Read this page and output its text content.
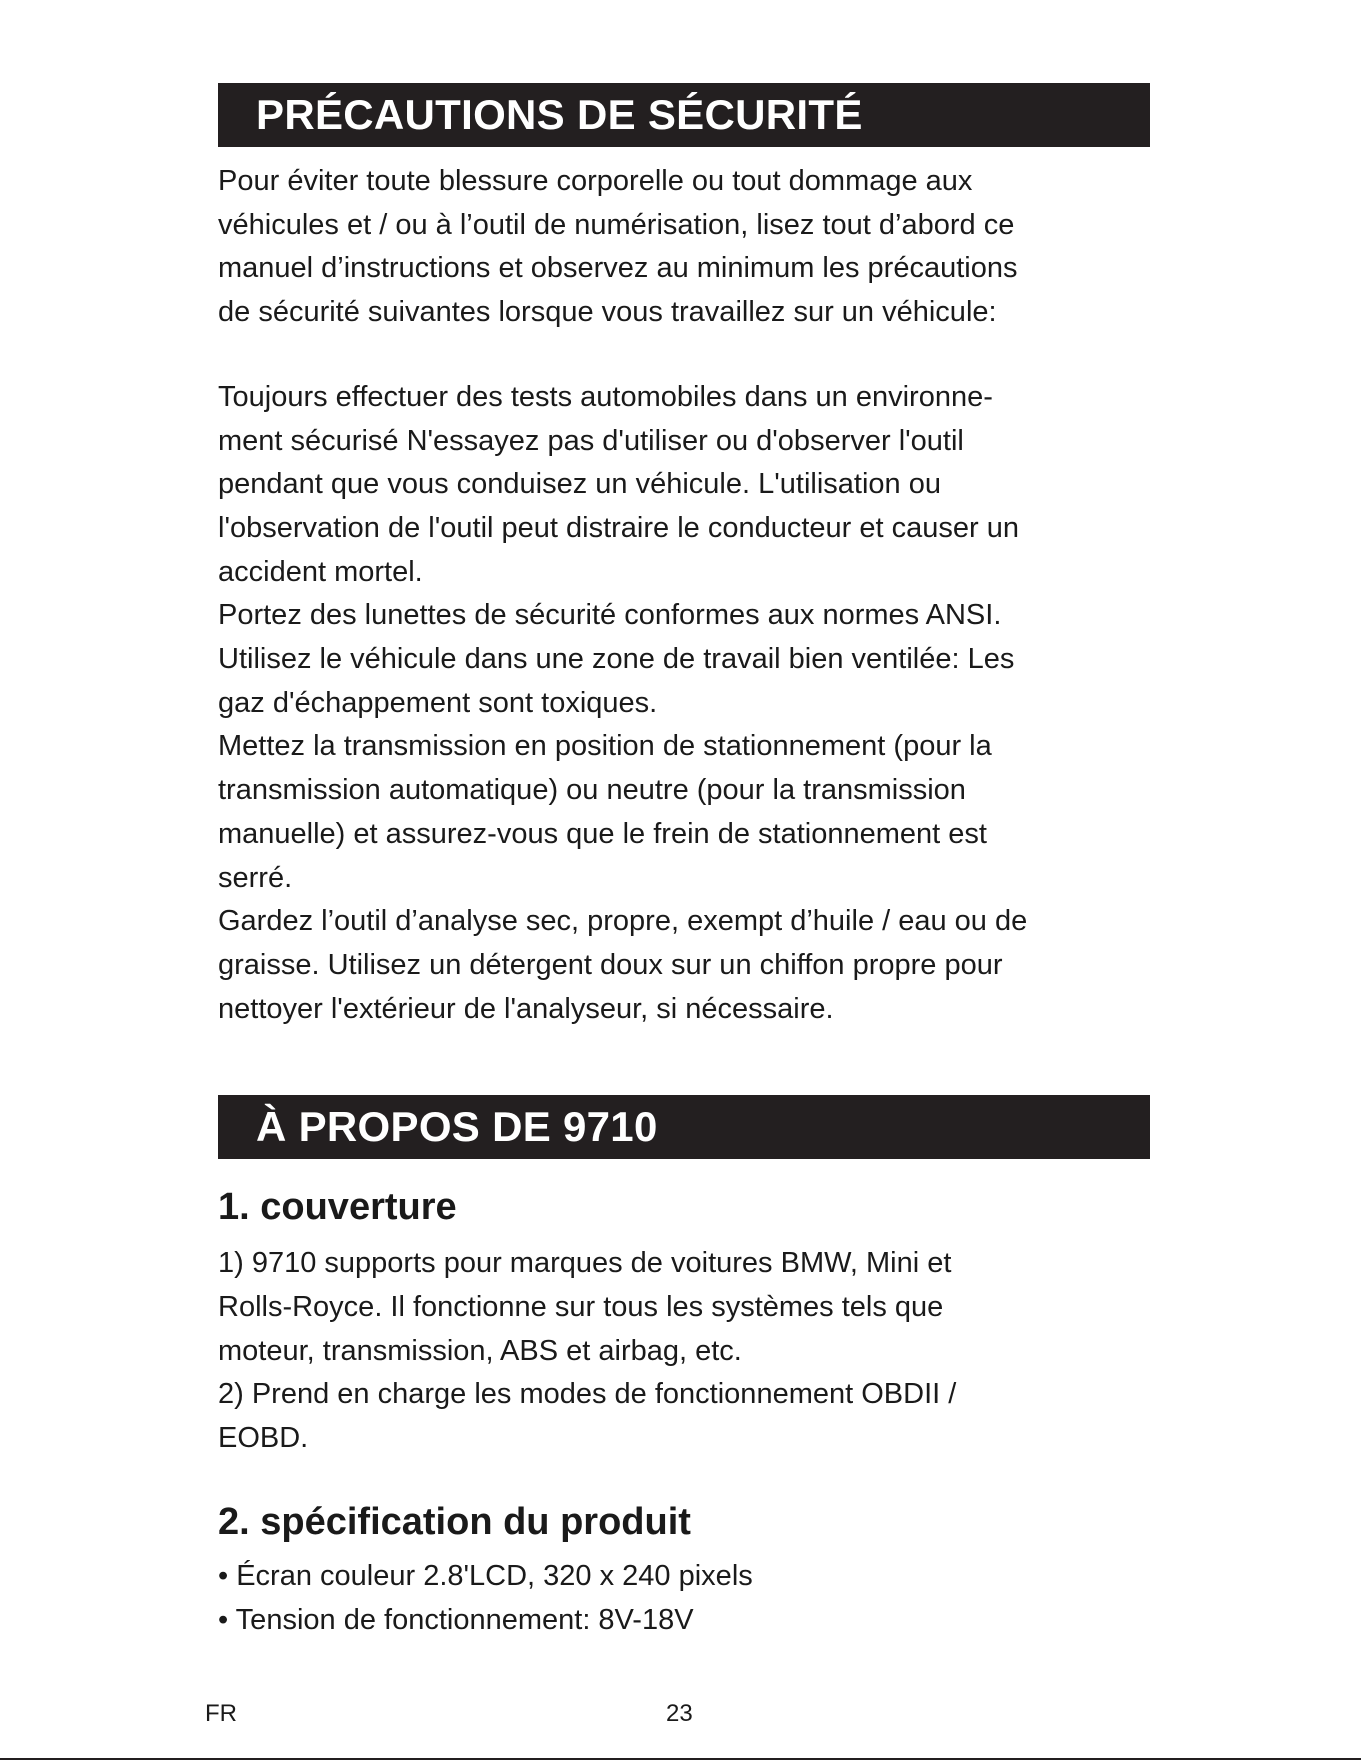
PRÉCAUTIONS DE SÉCURITÉ

Pour éviter toute blessure corporelle ou tout dommage aux
véhicules et / ou à l’outil de numérisation, lisez tout d’abord ce
manuel d’instructions et observez au minimum les précautions
de sécurité suivantes lorsque vous travaillez sur un véhicule:

Toujours effectuer des tests automobiles dans un environne-
ment sécurisé N'essayez pas d'utiliser ou d'observer l'outil
pendant que vous conduisez un véhicule. L'utilisation ou
l'observation de l'outil peut distraire le conducteur et causer un
accident mortel.
Portez des lunettes de sécurité conformes aux normes ANSI.
Utilisez le véhicule dans une zone de travail bien ventilée: Les
gaz d'échappement sont toxiques.
Mettez la transmission en position de stationnement (pour la
transmission automatique) ou neutre (pour la transmission
manuelle) et assurez-vous que le frein de stationnement est
serré.
Gardez l’outil d’analyse sec, propre, exempt d’huile / eau ou de
graisse. Utilisez un détergent doux sur un chiffon propre pour
nettoyer l'extérieur de l'analyseur, si nécessaire.

À PROPOS DE 9710
1. couverture

1) 9710 supports pour marques de voitures BMW, Mini et
Rolls-Royce. Il fonctionne sur tous les systèmes tels que
moteur, transmission, ABS et airbag, etc.
2) Prend en charge les modes de fonctionnement OBDII /
EOBD.

2. spécification du produit
• Écran couleur 2.8'LCD, 320 x 240 pixels
• Tension de fonctionnement: 8V-18V
FR	23
